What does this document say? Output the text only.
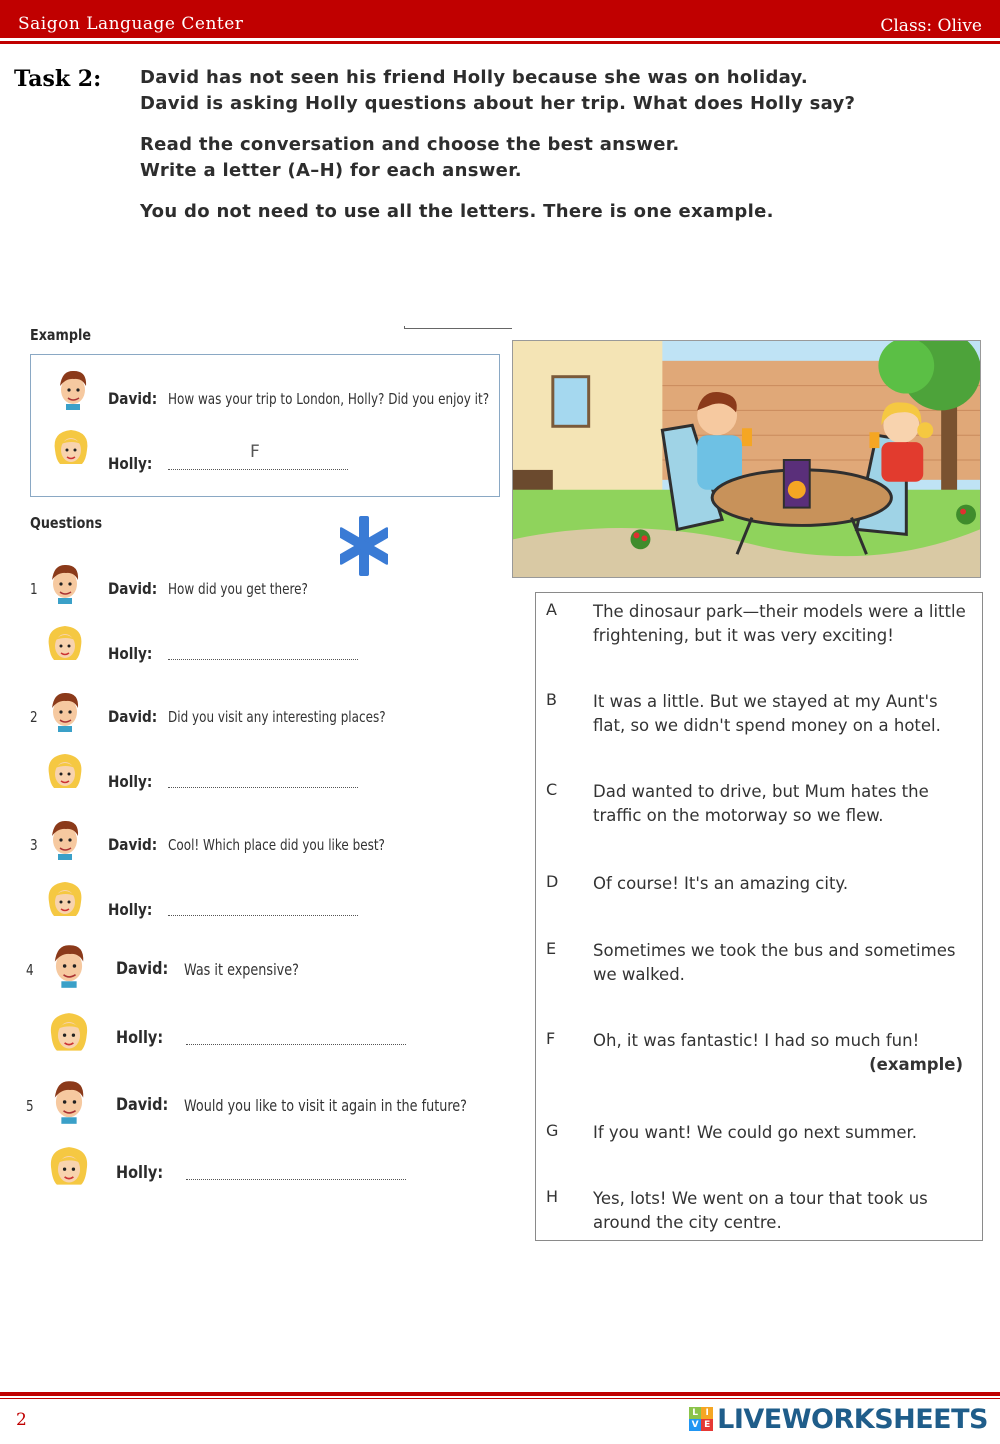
Saigon Language Center	Class: Olive
Task 2: David has not seen his friend Holly because she was on holiday.
David is asking Holly questions about her trip. What does Holly say?
Read the conversation and choose the best answer.
Write a letter (A–H) for each answer.
You do not need to use all the letters. There is one example.
Example
David: How was your trip to London, Holly? Did you enjoy it?
Holly:
F
Questions
1	David: How did you get there?
Holly:
2	David: Did you visit any interesting places?
Holly:
3	David: Cool! Which place did you like best?
Holly:
4	David: Was it expensive?
Holly:
5	David: Would you like to visit it again in the future?
Holly:
A The dinosaur park—their models were a little frightening, but it was very exciting!
B It was a little. But we stayed at my Aunt's flat, so we didn't spend money on a hotel.
C Dad wanted to drive, but Mum hates the traffic on the motorway so we flew.
D Of course! It's an amazing city.
E Sometimes we took the bus and sometimes we walked.
F Oh, it was fantastic! I had so much fun!
(example)
G If you want! We could go next summer.
H Yes, lots! We went on a tour that took us around the city centre.
2	L I
V E LIVEWORKSHEETS
